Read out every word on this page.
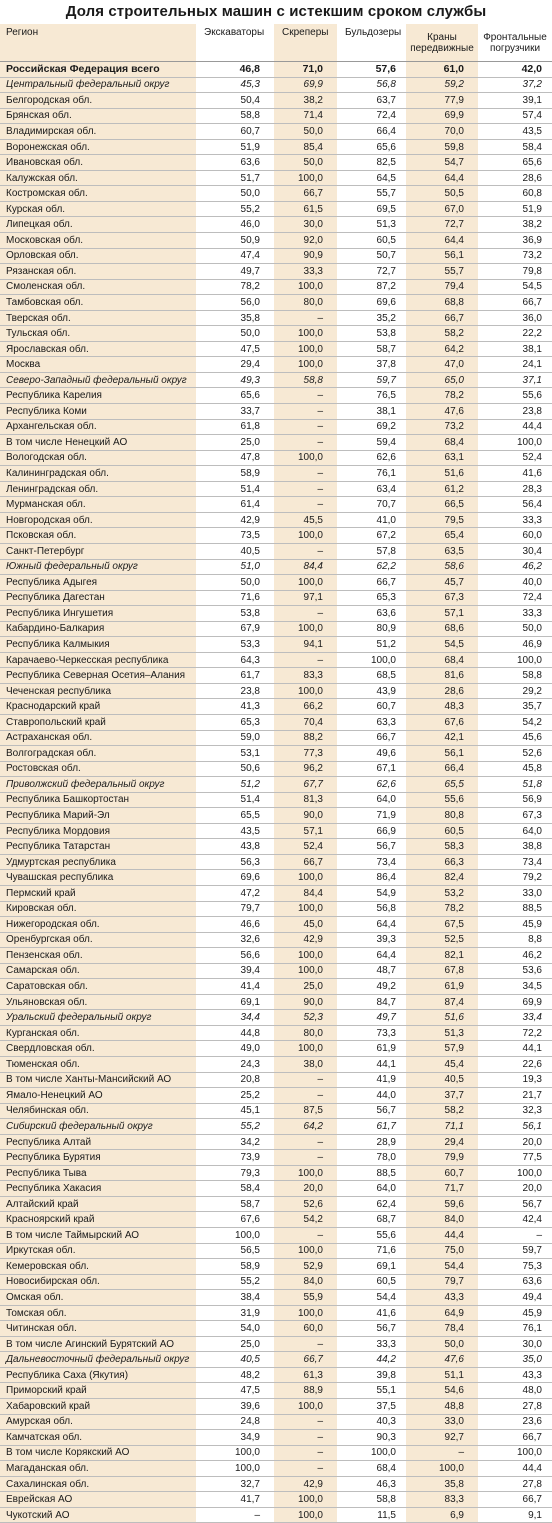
Доля строительных машин с истекшим сроком службы
Регион	Экскаваторы	Скреперы	Бульдозеры	Краны передвижные	Фронтальные погрузчики
Российская Федерация всего	46,8	71,0	57,6	61,0	42,0
Центральный федеральный округ	45,3	69,9	56,8	59,2	37,2
Белгородская обл.	50,4	38,2	63,7	77,9	39,1
Брянская обл.	58,8	71,4	72,4	69,9	57,4
Владимирская обл.	60,7	50,0	66,4	70,0	43,5
Воронежская обл.	51,9	85,4	65,6	59,8	58,4
Ивановская обл.	63,6	50,0	82,5	54,7	65,6
Калужская обл.	51,7	100,0	64,5	64,4	28,6
Костромская обл.	50,0	66,7	55,7	50,5	60,8
Курская обл.	55,2	61,5	69,5	67,0	51,9
Липецкая обл.	46,0	30,0	51,3	72,7	38,2
Московская обл.	50,9	92,0	60,5	64,4	36,9
Орловская обл.	47,4	90,9	50,7	56,1	73,2
Рязанская обл.	49,7	33,3	72,7	55,7	79,8
Смоленская обл.	78,2	100,0	87,2	79,4	54,5
Тамбовская обл.	56,0	80,0	69,6	68,8	66,7
Тверская обл.	35,8	–	35,2	66,7	36,0
Тульская обл.	50,0	100,0	53,8	58,2	22,2
Ярославская обл.	47,5	100,0	58,7	64,2	38,1
Москва	29,4	100,0	37,8	47,0	24,1
Северо-Западный федеральный округ	49,3	58,8	59,7	65,0	37,1
Республика Карелия	65,6	–	76,5	78,2	55,6
Республика Коми	33,7	–	38,1	47,6	23,8
Архангельская обл.	61,8	–	69,2	73,2	44,4
В том числе Ненецкий АО	25,0	–	59,4	68,4	100,0
Вологодская обл.	47,8	100,0	62,6	63,1	52,4
Калининградская обл.	58,9	–	76,1	51,6	41,6
Ленинградская обл.	51,4	–	63,4	61,2	28,3
Мурманская обл.	61,4	–	70,7	66,5	56,4
Новгородская обл.	42,9	45,5	41,0	79,5	33,3
Псковская обл.	73,5	100,0	67,2	65,4	60,0
Санкт-Петербург	40,5	–	57,8	63,5	30,4
Южный федеральный округ	51,0	84,4	62,2	58,6	46,2
Республика Адыгея	50,0	100,0	66,7	45,7	40,0
Республика Дагестан	71,6	97,1	65,3	67,3	72,4
Республика Ингушетия	53,8	–	63,6	57,1	33,3
Кабардино-Балкария	67,9	100,0	80,9	68,6	50,0
Республика Калмыкия	53,3	94,1	51,2	54,5	46,9
Карачаево-Черкесская республика	64,3	–	100,0	68,4	100,0
Республика Северная Осетия–Алания	61,7	83,3	68,5	81,6	58,8
Чеченская республика	23,8	100,0	43,9	28,6	29,2
Краснодарский край	41,3	66,2	60,7	48,3	35,7
Ставропольский край	65,3	70,4	63,3	67,6	54,2
Астраханская обл.	59,0	88,2	66,7	42,1	45,6
Волгоградская обл.	53,1	77,3	49,6	56,1	52,6
Ростовская обл.	50,6	96,2	67,1	66,4	45,8
Приволжский федеральный округ	51,2	67,7	62,6	65,5	51,8
Республика Башкортостан	51,4	81,3	64,0	55,6	56,9
Республика Марий-Эл	65,5	90,0	71,9	80,8	67,3
Республика Мордовия	43,5	57,1	66,9	60,5	64,0
Республика Татарстан	43,8	52,4	56,7	58,3	38,8
Удмуртская республика	56,3	66,7	73,4	66,3	73,4
Чувашская республика	69,6	100,0	86,4	82,4	79,2
Пермский край	47,2	84,4	54,9	53,2	33,0
Кировская обл.	79,7	100,0	56,8	78,2	88,5
Нижегородская обл.	46,6	45,0	64,4	67,5	45,9
Оренбургская обл.	32,6	42,9	39,3	52,5	8,8
Пензенская обл.	56,6	100,0	64,4	82,1	46,2
Самарская обл.	39,4	100,0	48,7	67,8	53,6
Саратовская обл.	41,4	25,0	49,2	61,9	34,5
Ульяновская обл.	69,1	90,0	84,7	87,4	69,9
Уральский федеральный округ	34,4	52,3	49,7	51,6	33,4
Курганская обл.	44,8	80,0	73,3	51,3	72,2
Свердловская обл.	49,0	100,0	61,9	57,9	44,1
Тюменская обл.	24,3	38,0	44,1	45,4	22,6
В том числе Ханты-Мансийский АО	20,8	–	41,9	40,5	19,3
Ямало-Ненецкий АО	25,2	–	44,0	37,7	21,7
Челябинская обл.	45,1	87,5	56,7	58,2	32,3
Сибирский федеральный округ	55,2	64,2	61,7	71,1	56,1
Республика Алтай	34,2	–	28,9	29,4	20,0
Республика Бурятия	73,9	–	78,0	79,9	77,5
Республика Тыва	79,3	100,0	88,5	60,7	100,0
Республика Хакасия	58,4	20,0	64,0	71,7	20,0
Алтайский край	58,7	52,6	62,4	59,6	56,7
Красноярский край	67,6	54,2	68,7	84,0	42,4
В том числе Таймырский АО	100,0	–	55,6	44,4	–
Иркутская обл.	56,5	100,0	71,6	75,0	59,7
Кемеровская обл.	58,9	52,9	69,1	54,4	75,3
Новосибирская обл.	55,2	84,0	60,5	79,7	63,6
Омская обл.	38,4	55,9	54,4	43,3	49,4
Томская обл.	31,9	100,0	41,6	64,9	45,9
Читинская обл.	54,0	60,0	56,7	78,4	76,1
В том числе Агинский Бурятский АО	25,0	–	33,3	50,0	30,0
Дальневосточный федеральный округ	40,5	66,7	44,2	47,6	35,0
Республика Саха (Якутия)	48,2	61,3	39,8	51,1	43,3
Приморский край	47,5	88,9	55,1	54,6	48,0
Хабаровский край	39,6	100,0	37,5	48,8	27,8
Амурская обл.	24,8	–	40,3	33,0	23,6
Камчатская обл.	34,9	–	90,3	92,7	66,7
В том числе Корякский АО	100,0	–	100,0	–	100,0
Магаданская обл.	100,0	–	68,4	100,0	44,4
Сахалинская обл.	32,7	42,9	46,3	35,8	27,8
Еврейская АО	41,7	100,0	58,8	83,3	66,7
Чукотский АО	–	100,0	11,5	6,9	9,1
